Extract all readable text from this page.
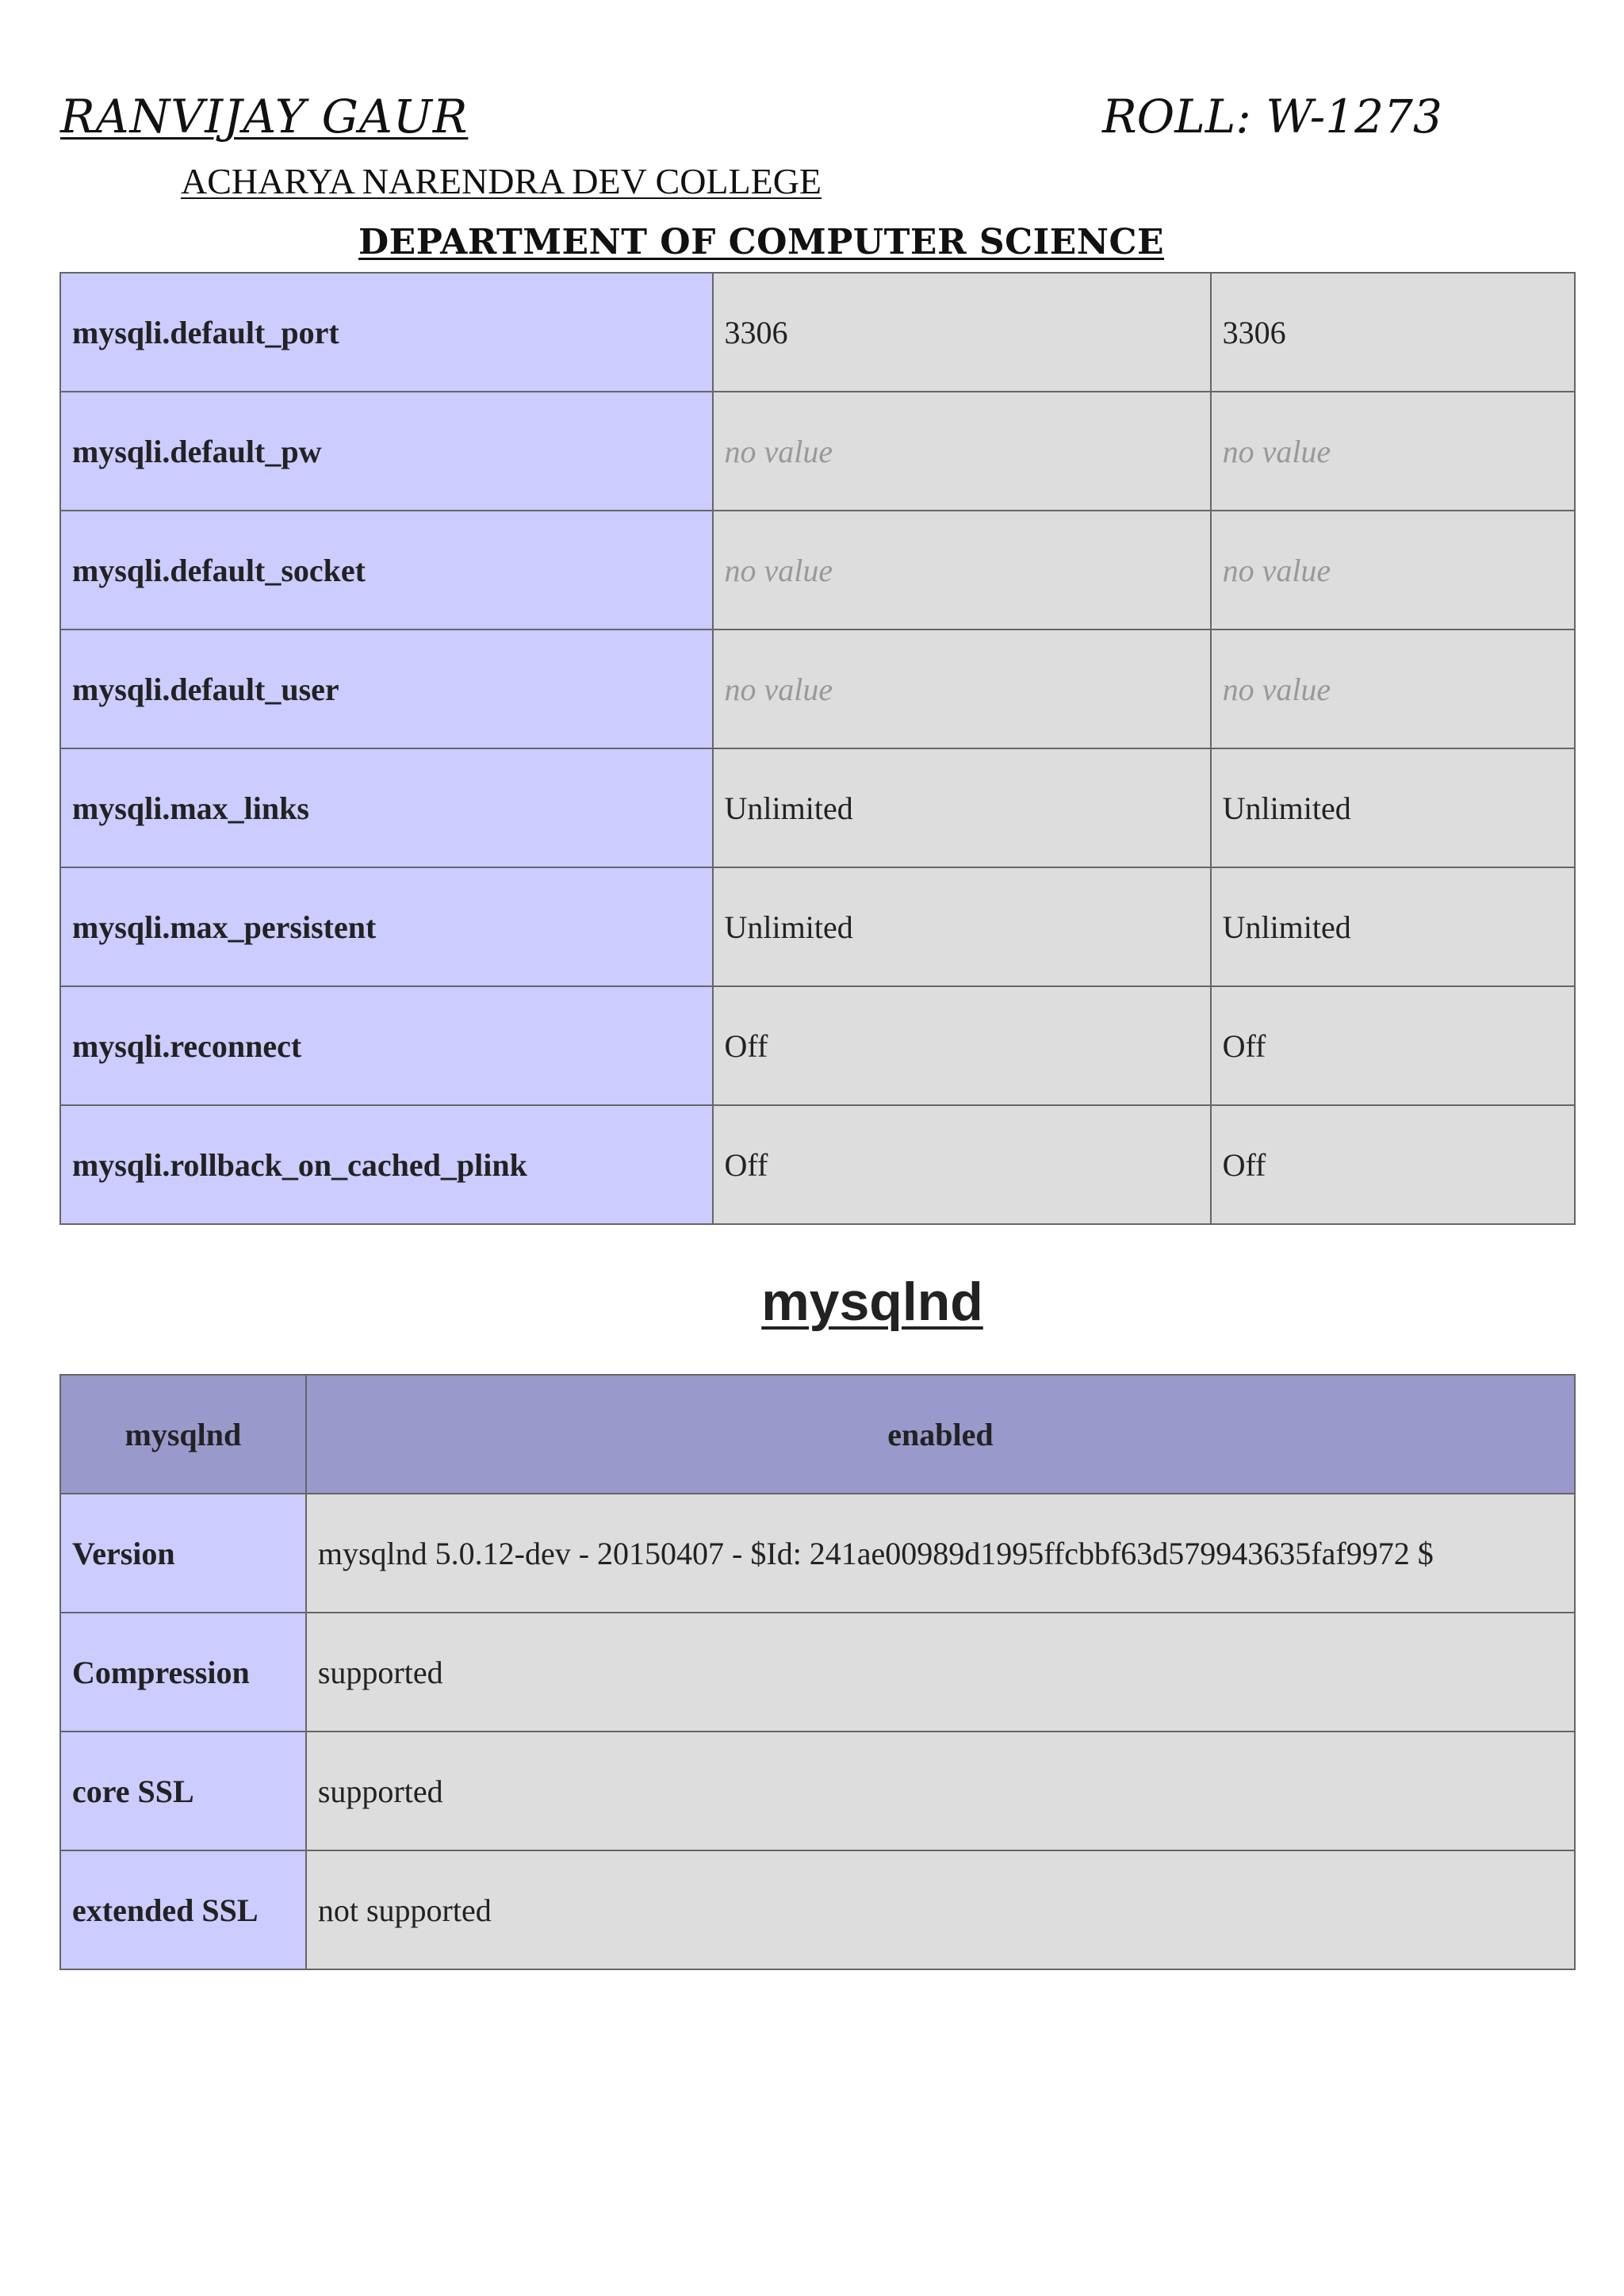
RANVIJAY GAUR	ROLL: W-1273
ACHARYA NARENDRA DEV COLLEGE
DEPARTMENT OF COMPUTER SCIENCE
mysqli.default_port	3306	3306
mysqli.default_pw	no value	no value
mysqli.default_socket	no value	no value
mysqli.default_user	no value	no value
mysqli.max_links	Unlimited	Unlimited
mysqli.max_persistent	Unlimited	Unlimited
mysqli.reconnect	Off	Off
mysqli.rollback_on_cached_plink	Off	Off
mysqlnd
mysqlnd	enabled
Version	mysqlnd 5.0.12-dev - 20150407 - $Id: 241ae00989d1995ffcbbf63d579943635faf9972 $
Compression	supported
core SSL	supported
extended SSL	not supported
